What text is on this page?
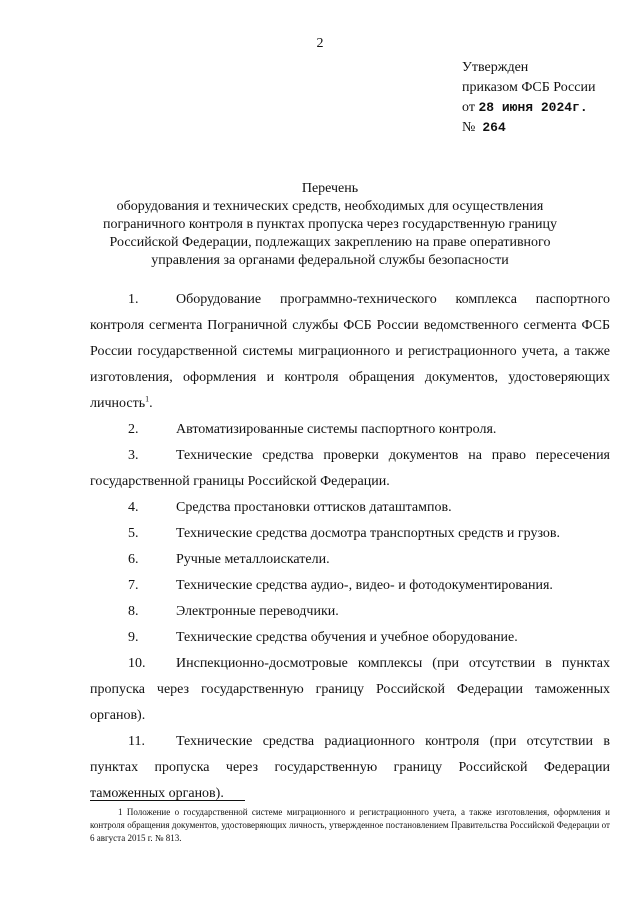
2
Утвержден
приказом ФСБ России
от 28 июня 2024г.
№ 264
Перечень
оборудования и технических средств, необходимых для осуществления
пограничного контроля в пунктах пропуска через государственную границу
Российской Федерации, подлежащих закреплению на праве оперативного
управления за органами федеральной службы безопасности
1.	Оборудование программно-технического комплекса паспортного контроля сегмента Пограничной службы ФСБ России ведомственного сегмента ФСБ России государственной системы миграционного и регистрационного учета, а также изготовления, оформления и контроля обращения документов, удостоверяющих личность$^1$.
2.	Автоматизированные системы паспортного контроля.
3.	Технические средства проверки документов на право пересечения государственной границы Российской Федерации.
4.	Средства простановки оттисков даташтампов.
5.	Технические средства досмотра транспортных средств и грузов.
6.	Ручные металлоискатели.
7.	Технические средства аудио-, видео- и фотодокументирования.
8.	Электронные переводчики.
9.	Технические средства обучения и учебное оборудование.
10. Инспекционно-досмотровые комплексы (при отсутствии в пунктах пропуска через государственную границу Российской Федерации таможенных органов).
11. Технические средства радиационного контроля (при отсутствии в пунктах пропуска через государственную границу Российской Федерации таможенных органов).
1 Положение о государственной системе миграционного и регистрационного учета, а также изготовления, оформления и контроля обращения документов, удостоверяющих личность, утвержденное постановлением Правительства Российской Федерации от 6 августа 2015 г. № 813.
